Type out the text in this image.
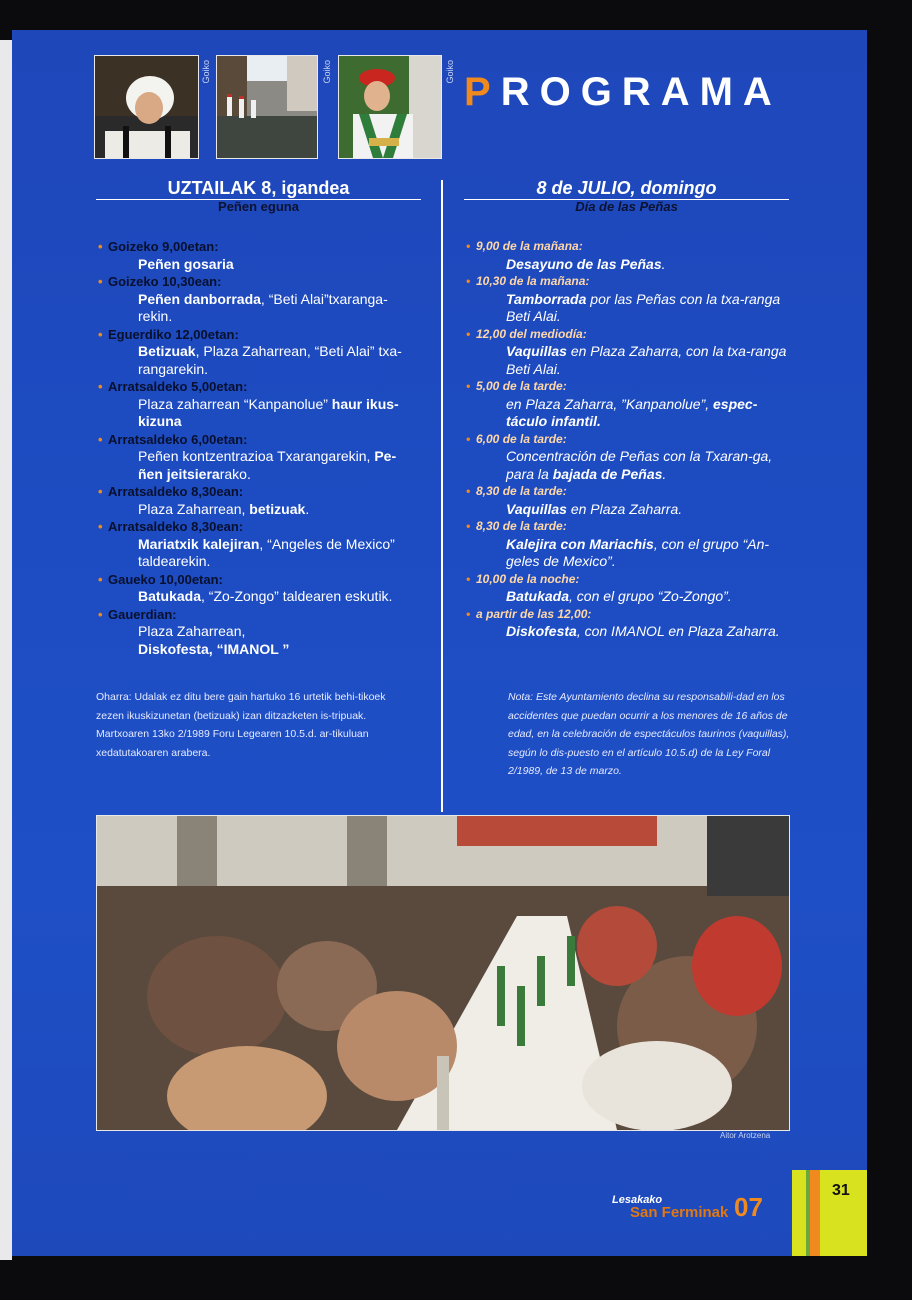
Goiko	Goiko	Goiko PROGRAMA
UZTAILAK 8, igandea
Peñen eguna
• Goizeko 9,00etan:
Peñen gosaria
• Goizeko 10,30ean:
Peñen danborrada, “Beti Alai”txaranga-rekin.
• Eguerdiko 12,00etan:
Betizuak, Plaza Zaharrean, “Beti Alai” txa-rangarekin.
• Arratsaldeko 5,00etan:
Plaza zaharrean “Kanpanolue” haur ikus-kizuna
• Arratsaldeko 6,00etan:
Peñen kontzentrazioa Txarangarekin, Pe-ñen jeitsierarako.
• Arratsaldeko 8,30ean:
Plaza Zaharrean, betizuak.
• Arratsaldeko 8,30ean:
Mariatxik kalejiran, “Angeles de Mexico” taldearekin.
• Gaueko 10,00etan:
Batukada, “Zo-Zongo” taldearen eskutik.
• Gauerdian:
Plaza Zaharrean,
Diskofesta, “IMANOL ”
8 de JULIO, domingo
Día de las Peñas
• 9,00 de la mañana:
Desayuno de las Peñas.
• 10,30 de la mañana:
Tamborrada por las Peñas con la txa-ranga Beti Alai.
• 12,00 del mediodía:
Vaquillas en Plaza Zaharra, con la txa-ranga Beti Alai.
• 5,00 de la tarde:
en Plaza Zaharra, ”Kanpanolue”, espec-táculo infantil.
• 6,00 de la tarde:
Concentración de Peñas con la Txaran-ga, para la bajada de Peñas.
• 8,30 de la tarde:
Vaquillas en Plaza Zaharra.
• 8,30 de la tarde:
Kalejira con Mariachis, con el grupo “An-geles de Mexico”.
• 10,00 de la noche:
Batukada, con el grupo “Zo-Zongo”.
• a partir de las 12,00:
Diskofesta, con IMANOL en Plaza Zaharra.
Oharra: Udalak ez ditu bere gain hartuko 16 urtetik behi-tikoek zezen ikuskizunetan (betizuak) izan ditzazketen is-tripuak. Martxoaren 13ko 2/1989 Foru Legearen 10.5.d. ar-tikuluan xedatutakoaren arabera.
Nota: Este Ayuntamiento declina su responsabili-dad en los accidentes que puedan ocurrir a los menores de 16 años de edad, en la celebración de espectáculos taurinos (vaquillas), según lo dis-puesto en el artículo 10.5.d) de la Ley Foral 2/1989, de 13 de marzo.
Aitor Arotzena
Lesakako
San Ferminak 07
31
